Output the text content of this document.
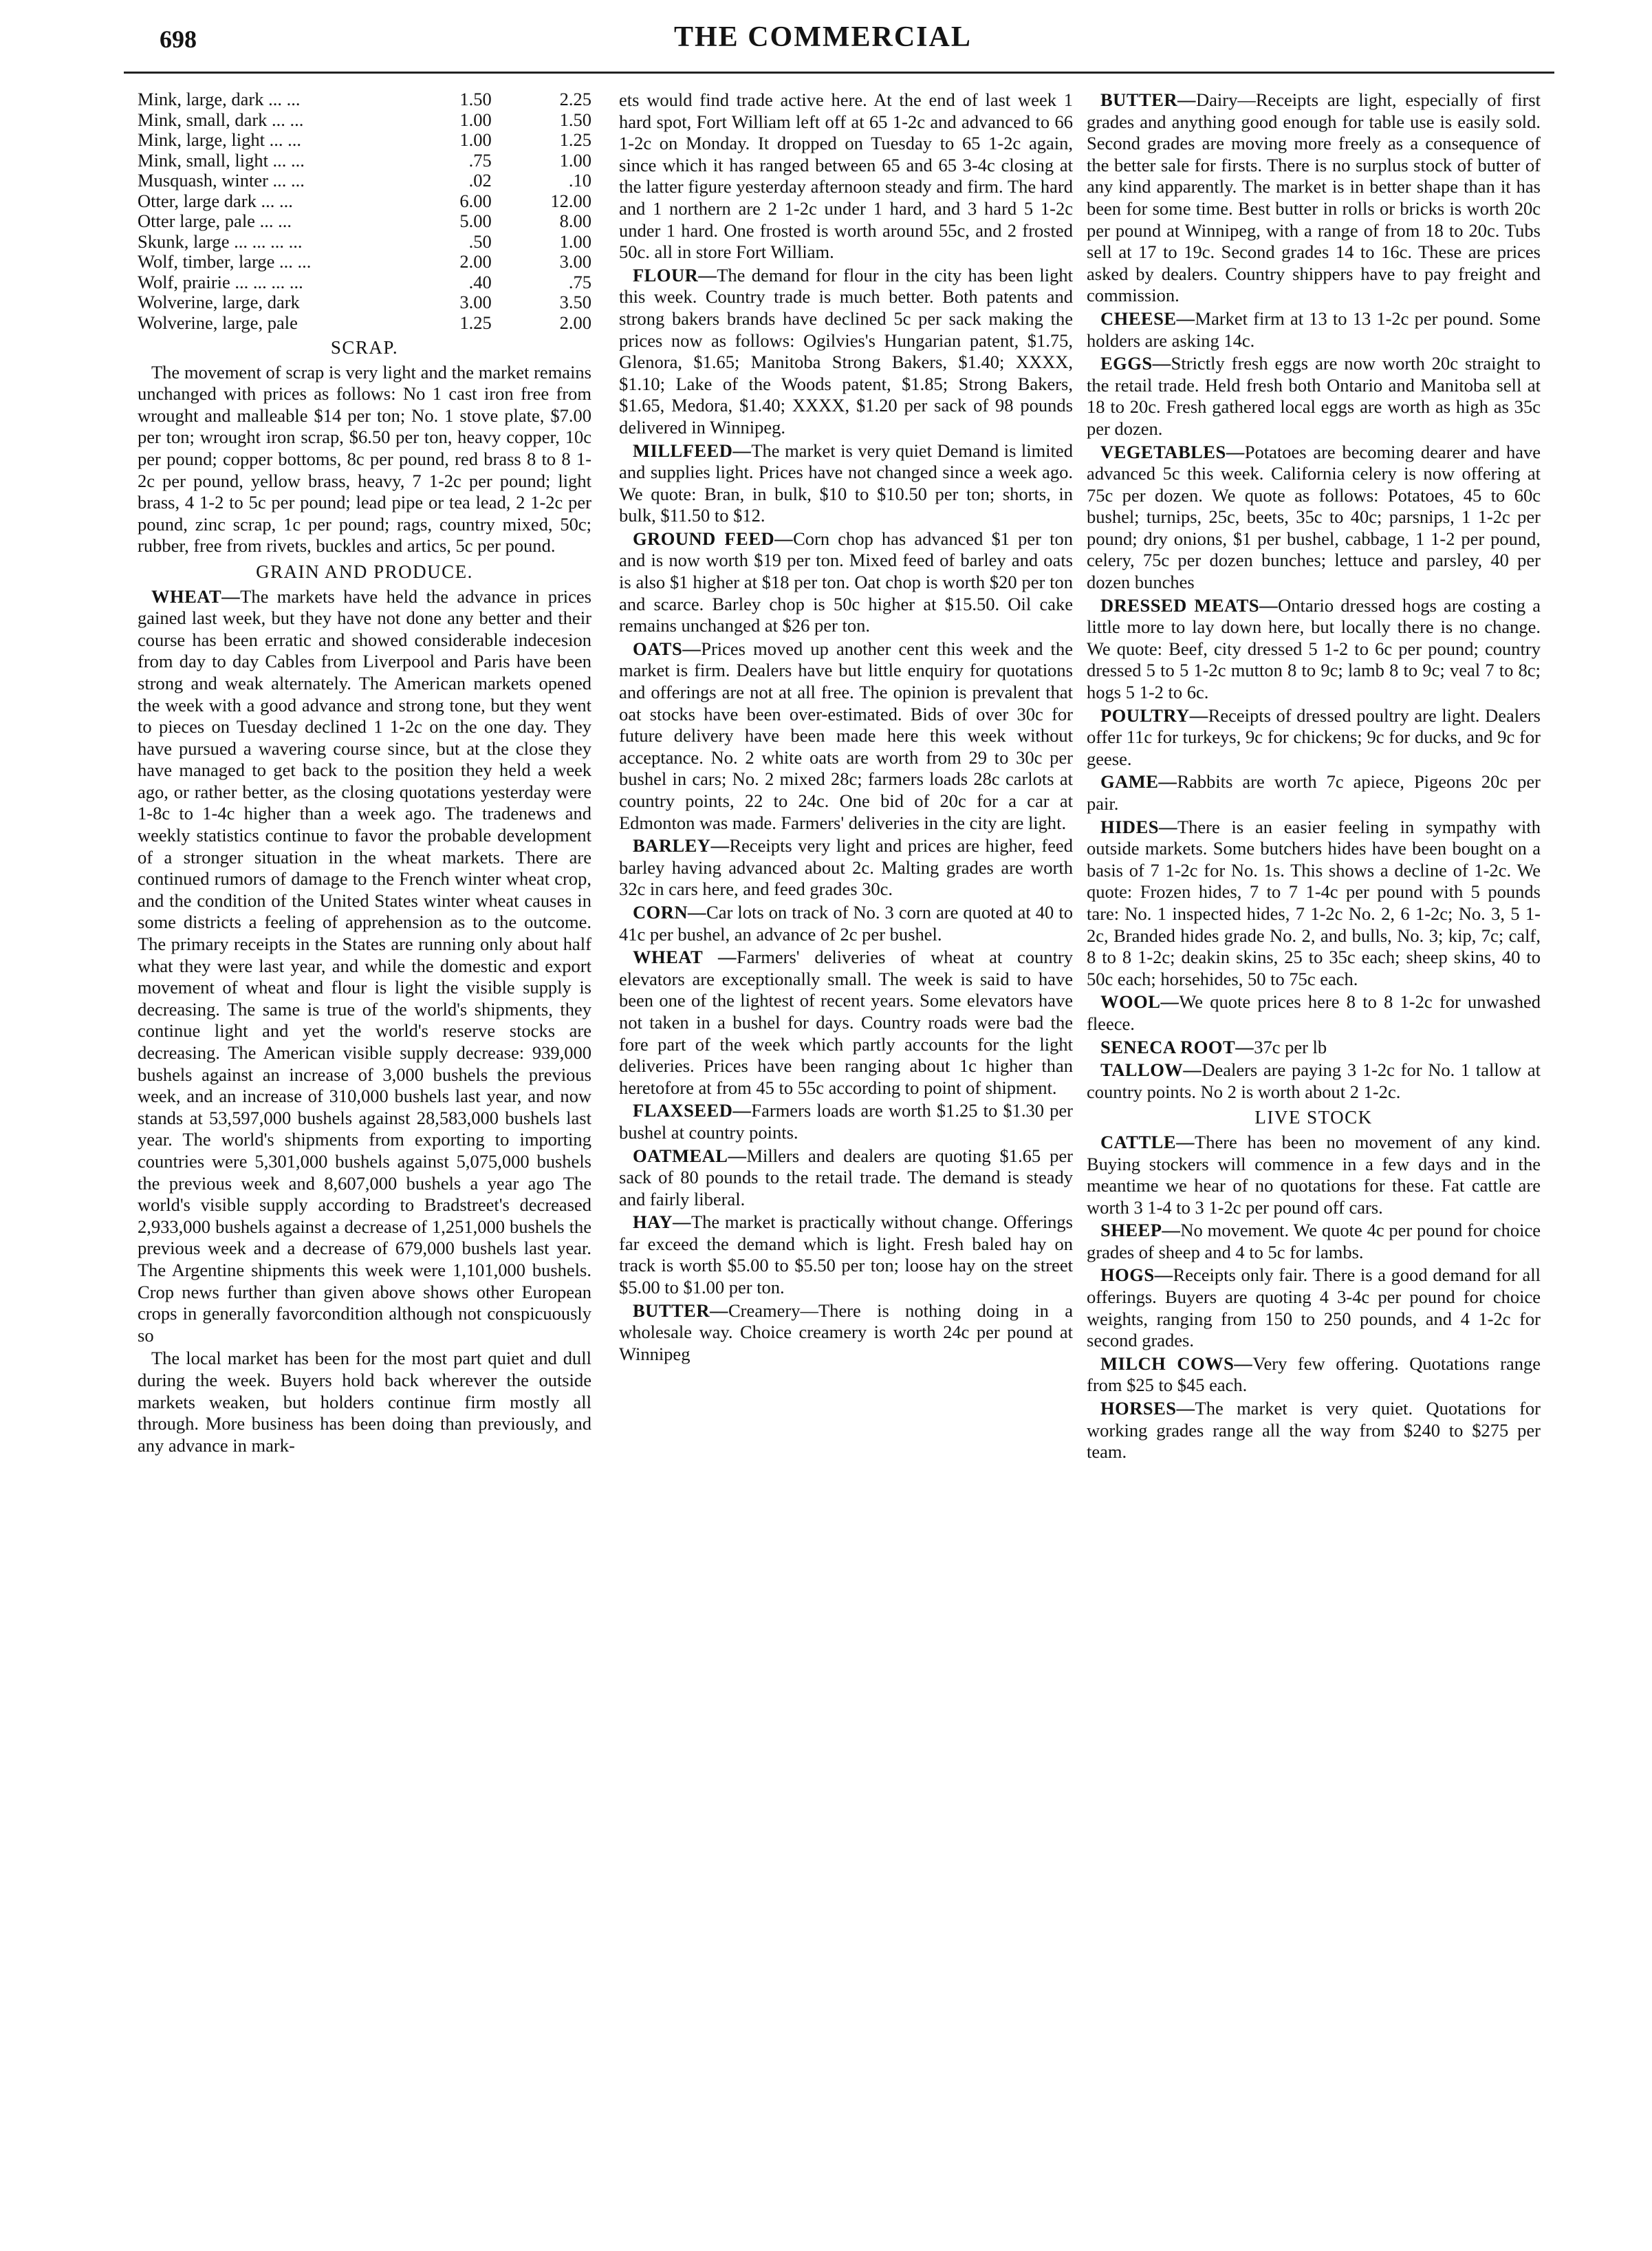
698	THE COMMERCIAL
Mink, large, dark ... ...	1.50	2.25
Mink, small, dark ... ...	1.00	1.50
Mink, large, light ... ...	1.00	1.25
Mink, small, light ... ...	.75	1.00
Musquash, winter ... ...	.02	.10
Otter, large dark ... ...	6.00	12.00
Otter large, pale ... ...	5.00	8.00
Skunk, large ... ... ... ...	.50	1.00
Wolf, timber, large ... ...	2.00	3.00
Wolf, prairie ... ... ... ...	.40	.75
Wolverine, large, dark	3.00	3.50
Wolverine, large, pale	1.25	2.00
SCRAP.

The movement of scrap is very light and the market remains unchanged with prices as follows: No 1 cast iron free from wrought and malleable $14 per ton; No. 1 stove plate, $7.00 per ton; wrought iron scrap, $6.50 per ton, heavy copper, 10c per pound; copper bottoms, 8c per pound, red brass 8 to 8 1-2c per pound, yellow brass, heavy, 7 1-2c per pound; light brass, 4 1-2 to 5c per pound; lead pipe or tea lead, 2 1-2c per pound, zinc scrap, 1c per pound; rags, country mixed, 50c; rubber, free from rivets, buckles and artics, 5c per pound.

GRAIN AND PRODUCE.

WHEAT—The markets have held the advance in prices gained last week, but they have not done any better and their course has been erratic and showed considerable indecesion from day to day Cables from Liverpool and Paris have been strong and weak alternately. The American markets opened the week with a good advance and strong tone, but they went to pieces on Tuesday declined 1 1-2c on the one day. They have pursued a wavering course since, but at the close they have managed to get back to the position they held a week ago, or rather better, as the closing quotations yesterday were 1-8c to 1-4c higher than a week ago. The tradenews and weekly statistics continue to favor the probable development of a stronger situation in the wheat markets. There are continued rumors of damage to the French winter wheat crop, and the condition of the United States winter wheat causes in some districts a feeling of apprehension as to the outcome. The primary receipts in the States are running only about half what they were last year, and while the domestic and export movement of wheat and flour is light the visible supply is decreasing. The same is true of the world's shipments, they continue light and yet the world's reserve stocks are decreasing. The American visible supply decrease: 939,000 bushels against an increase of 3,000 bushels the previous week, and an increase of 310,000 bushels last year, and now stands at 53,597,000 bushels against 28,583,000 bushels last year. The world's shipments from exporting to importing countries were 5,301,000 bushels against 5,075,000 bushels the previous week and 8,607,000 bushels a year ago The world's visible supply according to Bradstreet's decreased 2,933,000 bushels against a decrease of 1,251,000 bushels the previous week and a decrease of 679,000 bushels last year. The Argentine shipments this week were 1,101,000 bushels. Crop news further than given above shows other European crops in generally favorcondition although not conspicuously so

The local market has been for the most part quiet and dull during the week. Buyers hold back wherever the outside markets weaken, but holders continue firm mostly all through. More business has been doing than previously, and any advance in mark-

ets would find trade active here. At the end of last week 1 hard spot, Fort William left off at 65 1-2c and advanced to 66 1-2c on Monday. It dropped on Tuesday to 65 1-2c again, since which it has ranged between 65 and 65 3-4c closing at the latter figure yesterday afternoon steady and firm. The hard and 1 northern are 2 1-2c under 1 hard, and 3 hard 5 1-2c under 1 hard. One frosted is worth around 55c, and 2 frosted 50c. all in store Fort William.

FLOUR—The demand for flour in the city has been light this week. Country trade is much better. Both patents and strong bakers brands have declined 5c per sack making the prices now as follows: Ogilvies's Hungarian patent, $1.75, Glenora, $1.65; Manitoba Strong Bakers, $1.40; XXXX, $1.10; Lake of the Woods patent, $1.85; Strong Bakers, $1.65, Medora, $1.40; XXXX, $1.20 per sack of 98 pounds delivered in Winnipeg.

MILLFEED—The market is very quiet Demand is limited and supplies light. Prices have not changed since a week ago. We quote: Bran, in bulk, $10 to $10.50 per ton; shorts, in bulk, $11.50 to $12.

GROUND FEED—Corn chop has advanced $1 per ton and is now worth $19 per ton. Mixed feed of barley and oats is also $1 higher at $18 per ton. Oat chop is worth $20 per ton and scarce. Barley chop is 50c higher at $15.50. Oil cake remains unchanged at $26 per ton.

OATS—Prices moved up another cent this week and the market is firm. Dealers have but little enquiry for quotations and offerings are not at all free. The opinion is prevalent that oat stocks have been over-estimated. Bids of over 30c for future delivery have been made here this week without acceptance. No. 2 white oats are worth from 29 to 30c per bushel in cars; No. 2 mixed 28c; farmers loads 28c carlots at country points, 22 to 24c. One bid of 20c for a car at Edmonton was made. Farmers' deliveries in the city are light.

BARLEY—Receipts very light and prices are higher, feed barley having advanced about 2c. Malting grades are worth 32c in cars here, and feed grades 30c.

CORN—Car lots on track of No. 3 corn are quoted at 40 to 41c per bushel, an advance of 2c per bushel.

WHEAT —Farmers' deliveries of wheat at country elevators are exceptionally small. The week is said to have been one of the lightest of recent years. Some elevators have not taken in a bushel for days. Country roads were bad the fore part of the week which partly accounts for the light deliveries. Prices have been ranging about 1c higher than heretofore at from 45 to 55c according to point of shipment.

FLAXSEED—Farmers loads are worth $1.25 to $1.30 per bushel at country points.

OATMEAL—Millers and dealers are quoting $1.65 per sack of 80 pounds to the retail trade. The demand is steady and fairly liberal.

HAY—The market is practically without change. Offerings far exceed the demand which is light. Fresh baled hay on track is worth $5.00 to $5.50 per ton; loose hay on the street $5.00 to $1.00 per ton.

BUTTER—Creamery—There is nothing doing in a wholesale way. Choice creamery is worth 24c per pound at Winnipeg

BUTTER—Dairy—Receipts are light, especially of first grades and anything good enough for table use is easily sold. Second grades are moving more freely as a consequence of the better sale for firsts. There is no surplus stock of butter of any kind apparently. The market is in better shape than it has been for some time. Best butter in rolls or bricks is worth 20c per pound at Winnipeg, with a range of from 18 to 20c. Tubs sell at 17 to 19c. Second grades 14 to 16c. These are prices asked by dealers. Country shippers have to pay freight and commission.

CHEESE—Market firm at 13 to 13 1-2c per pound. Some holders are asking 14c.

EGGS—Strictly fresh eggs are now worth 20c straight to the retail trade. Held fresh both Ontario and Manitoba sell at 18 to 20c. Fresh gathered local eggs are worth as high as 35c per dozen.

VEGETABLES—Potatoes are becoming dearer and have advanced 5c this week. California celery is now offering at 75c per dozen. We quote as follows: Potatoes, 45 to 60c bushel; turnips, 25c, beets, 35c to 40c; parsnips, 1 1-2c per pound; dry onions, $1 per bushel, cabbage, 1 1-2 per pound, celery, 75c per dozen bunches; lettuce and parsley, 40 per dozen bunches

DRESSED MEATS—Ontario dressed hogs are costing a little more to lay down here, but locally there is no change. We quote: Beef, city dressed 5 1-2 to 6c per pound; country dressed 5 to 5 1-2c mutton 8 to 9c; lamb 8 to 9c; veal 7 to 8c; hogs 5 1-2 to 6c.

POULTRY—Receipts of dressed poultry are light. Dealers offer 11c for turkeys, 9c for chickens; 9c for ducks, and 9c for geese.

GAME—Rabbits are worth 7c apiece, Pigeons 20c per pair.

HIDES—There is an easier feeling in sympathy with outside markets. Some butchers hides have been bought on a basis of 7 1-2c for No. 1s. This shows a decline of 1-2c. We quote: Frozen hides, 7 to 7 1-4c per pound with 5 pounds tare: No. 1 inspected hides, 7 1-2c No. 2, 6 1-2c; No. 3, 5 1-2c, Branded hides grade No. 2, and bulls, No. 3; kip, 7c; calf, 8 to 8 1-2c; deakin skins, 25 to 35c each; sheep skins, 40 to 50c each; horsehides, 50 to 75c each.

WOOL—We quote prices here 8 to 8 1-2c for unwashed fleece.

SENECA ROOT—37c per lb

TALLOW—Dealers are paying 3 1-2c for No. 1 tallow at country points. No 2 is worth about 2 1-2c.

LIVE STOCK

CATTLE—There has been no movement of any kind. Buying stockers will commence in a few days and in the meantime we hear of no quotations for these. Fat cattle are worth 3 1-4 to 3 1-2c per pound off cars.

SHEEP—No movement. We quote 4c per pound for choice grades of sheep and 4 to 5c for lambs.

HOGS—Receipts only fair. There is a good demand for all offerings. Buyers are quoting 4 3-4c per pound for choice weights, ranging from 150 to 250 pounds, and 4 1-2c for second grades.

MILCH COWS—Very few offering. Quotations range from $25 to $45 each.

HORSES—The market is very quiet. Quotations for working grades range all the way from $240 to $275 per team.
